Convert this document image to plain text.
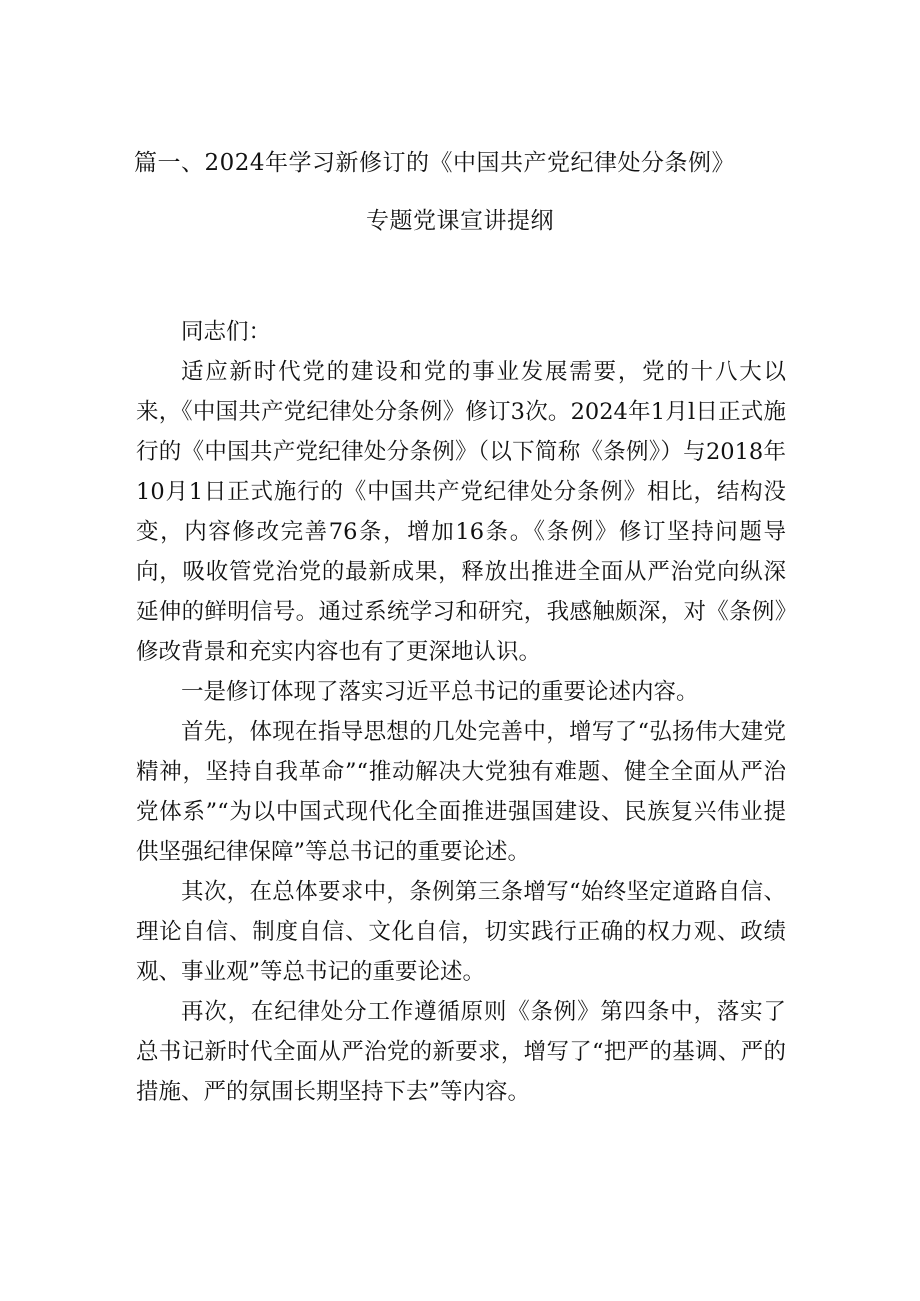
篇一、2024年学习新修订的《中国共产党纪律处分条例》
专题党课宣讲提纲

同志们：

适应新时代党的建设和党的事业发展需要，党的十八大以来，《中国共产党纪律处分条例》修订3次。2024年1月l日正式施行的《中国共产党纪律处分条例》（以下简称《条例》）与2018年10月1日正式施行的《中国共产党纪律处分条例》相比，结构没变，内容修改完善76条，增加16条。《条例》修订坚持问题导向，吸收管党治党的最新成果，释放出推进全面从严治党向纵深延伸的鲜明信号。通过系统学习和研究，我感触颇深，对《条例》修改背景和充实内容也有了更深地认识。

一是修订体现了落实习近平总书记的重要论述内容。

首先，体现在指导思想的几处完善中，增写了“弘扬伟大建党精神，坚持自我革命”“推动解决大党独有难题、健全全面从严治党体系”“为以中国式现代化全面推进强国建设、民族复兴伟业提供坚强纪律保障”等总书记的重要论述。

其次，在总体要求中，条例第三条增写“始终坚定道路自信、理论自信、制度自信、文化自信，切实践行正确的权力观、政绩观、事业观”等总书记的重要论述。

再次，在纪律处分工作遵循原则《条例》第四条中，落实了总书记新时代全面从严治党的新要求，增写了“把严的基调、严的措施、严的氛围长期坚持下去”等内容。
